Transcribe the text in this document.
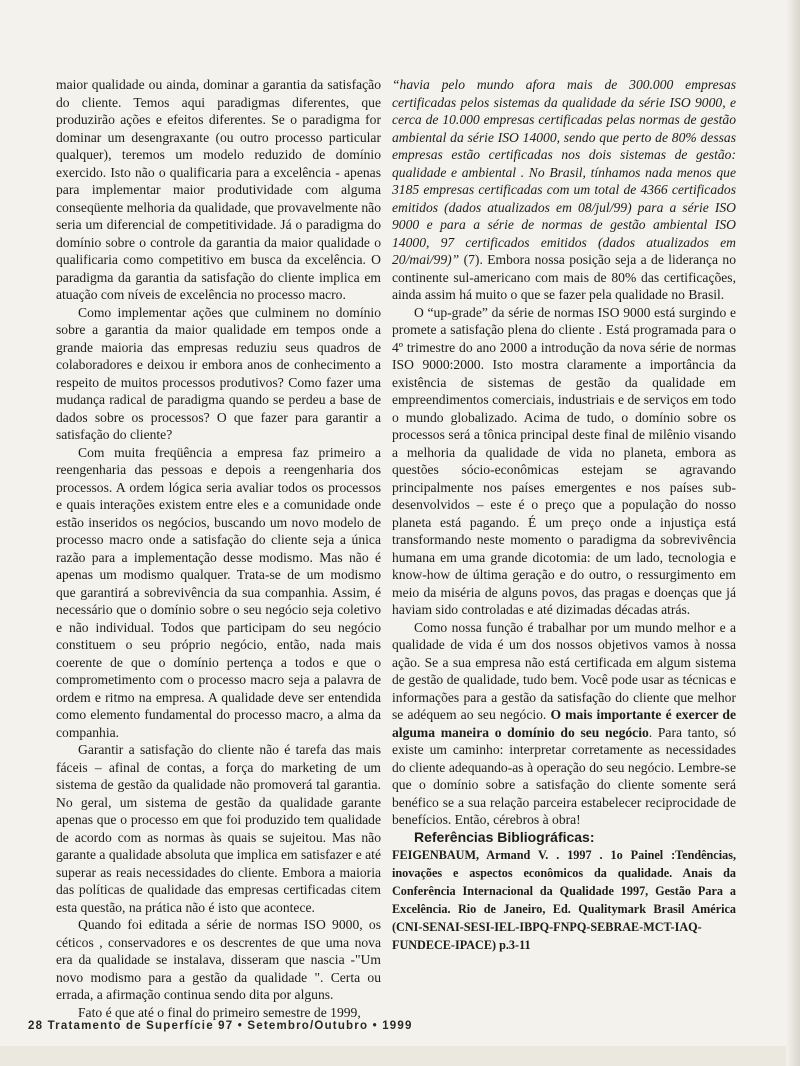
maior qualidade ou ainda, dominar a garantia da satisfação do cliente. Temos aqui paradigmas diferentes, que produzirão ações e efeitos diferentes. Se o paradigma for dominar um desengraxante (ou outro processo particular qualquer), teremos um modelo reduzido de domínio exercido. Isto não o qualificaria para a excelência - apenas para implementar maior produtividade com alguma conseqüente melhoria da qualidade, que provavelmente não seria um diferencial de competitividade. Já o paradigma do domínio sobre o controle da garantia da maior qualidade o qualificaria como competitivo em busca da excelência. O paradigma da garantia da satisfação do cliente implica em atuação com níveis de excelência no processo macro.

Como implementar ações que culminem no domínio sobre a garantia da maior qualidade em tempos onde a grande maioria das empresas reduziu seus quadros de colaboradores e deixou ir embora anos de conhecimento a respeito de muitos processos produtivos? Como fazer uma mudança radical de paradigma quando se perdeu a base de dados sobre os processos? O que fazer para garantir a satisfação do cliente?

Com muita freqüência a empresa faz primeiro a reengenharia das pessoas e depois a reengenharia dos processos. A ordem lógica seria avaliar todos os processos e quais interações existem entre eles e a comunidade onde estão inseridos os negócios, buscando um novo modelo de processo macro onde a satisfação do cliente seja a única razão para a implementação desse modismo. Mas não é apenas um modismo qualquer. Trata-se de um modismo que garantirá a sobrevivência da sua companhia. Assim, é necessário que o domínio sobre o seu negócio seja coletivo e não individual. Todos que participam do seu negócio constituem o seu próprio negócio, então, nada mais coerente de que o domínio pertença a todos e que o comprometimento com o processo macro seja a palavra de ordem e ritmo na empresa. A qualidade deve ser entendida como elemento fundamental do processo macro, a alma da companhia.

Garantir a satisfação do cliente não é tarefa das mais fáceis – afinal de contas, a força do marketing de um sistema de gestão da qualidade não promoverá tal garantia. No geral, um sistema de gestão da qualidade garante apenas que o processo em que foi produzido tem qualidade de acordo com as normas às quais se sujeitou. Mas não garante a qualidade absoluta que implica em satisfazer e até superar as reais necessidades do cliente. Embora a maioria das políticas de qualidade das empresas certificadas citem esta questão, na prática não é isto que acontece.

Quando foi editada a série de normas ISO 9000, os céticos , conservadores e os descrentes de que uma nova era da qualidade se instalava, disseram que nascia -"Um novo modismo para a gestão da qualidade ". Certa ou errada, a afirmação continua sendo dita por alguns.

Fato é que até o final do primeiro semestre de 1999,

“havia pelo mundo afora mais de 300.000 empresas certificadas pelos sistemas da qualidade da série ISO 9000, e cerca de 10.000 empresas certificadas pelas normas de gestão ambiental da série ISO 14000, sendo que perto de 80% dessas empresas estão certificadas nos dois sistemas de gestão: qualidade e ambiental . No Brasil, tínhamos nada menos que 3185 empresas certificadas com um total de 4366 certificados emitidos (dados atualizados em 08/jul/99) para a série ISO 9000 e para a série de normas de gestão ambiental ISO 14000, 97 certificados emitidos (dados atualizados em 20/mai/99)” (7). Embora nossa posição seja a de liderança no continente sul-americano com mais de 80% das certificações, ainda assim há muito o que se fazer pela qualidade no Brasil.

O “up-grade” da série de normas ISO 9000 está surgindo e promete a satisfação plena do cliente . Está programada para o 4º trimestre do ano 2000 a introdução da nova série de normas ISO 9000:2000. Isto mostra claramente a importância da existência de sistemas de gestão da qualidade em empreendimentos comerciais, industriais e de serviços em todo o mundo globalizado. Acima de tudo, o domínio sobre os processos será a tônica principal deste final de milênio visando a melhoria da qualidade de vida no planeta, embora as questões sócio-econômicas estejam se agravando principalmente nos países emergentes e nos países sub-desenvolvidos – este é o preço que a população do nosso planeta está pagando. É um preço onde a injustiça está transformando neste momento o paradigma da sobrevivência humana em uma grande dicotomia: de um lado, tecnologia e know-how de última geração e do outro, o ressurgimento em meio da miséria de alguns povos, das pragas e doenças que já haviam sido controladas e até dizimadas décadas atrás.

Como nossa função é trabalhar por um mundo melhor e a qualidade de vida é um dos nossos objetivos vamos à nossa ação. Se a sua empresa não está certificada em algum sistema de gestão de qualidade, tudo bem. Você pode usar as técnicas e informações para a gestão da satisfação do cliente que melhor se adéquem ao seu negócio. O mais importante é exercer de alguma maneira o domínio do seu negócio. Para tanto, só existe um caminho: interpretar corretamente as necessidades do cliente adequando-as à operação do seu negócio. Lembre-se que o domínio sobre a satisfação do cliente somente será benéfico se a sua relação parceira estabelecer reciprocidade de benefícios. Então, cérebros à obra!

Referências Bibliográficas:

FEIGENBAUM, Armand V. . 1997 . 1o Painel :Tendências, inovações e aspectos econômicos da qualidade. Anais da Conferência Internacional da Qualidade 1997, Gestão Para a Excelência. Rio de Janeiro, Ed. Qualitymark Brasil América (CNI-SENAI-SESI-IEL-IBPQ-FNPQ-SEBRAE-MCT-IAQ-FUNDECE-IPACE) p.3-11

28 Tratamento de Superfície 97 • Setembro/Outubro • 1999
